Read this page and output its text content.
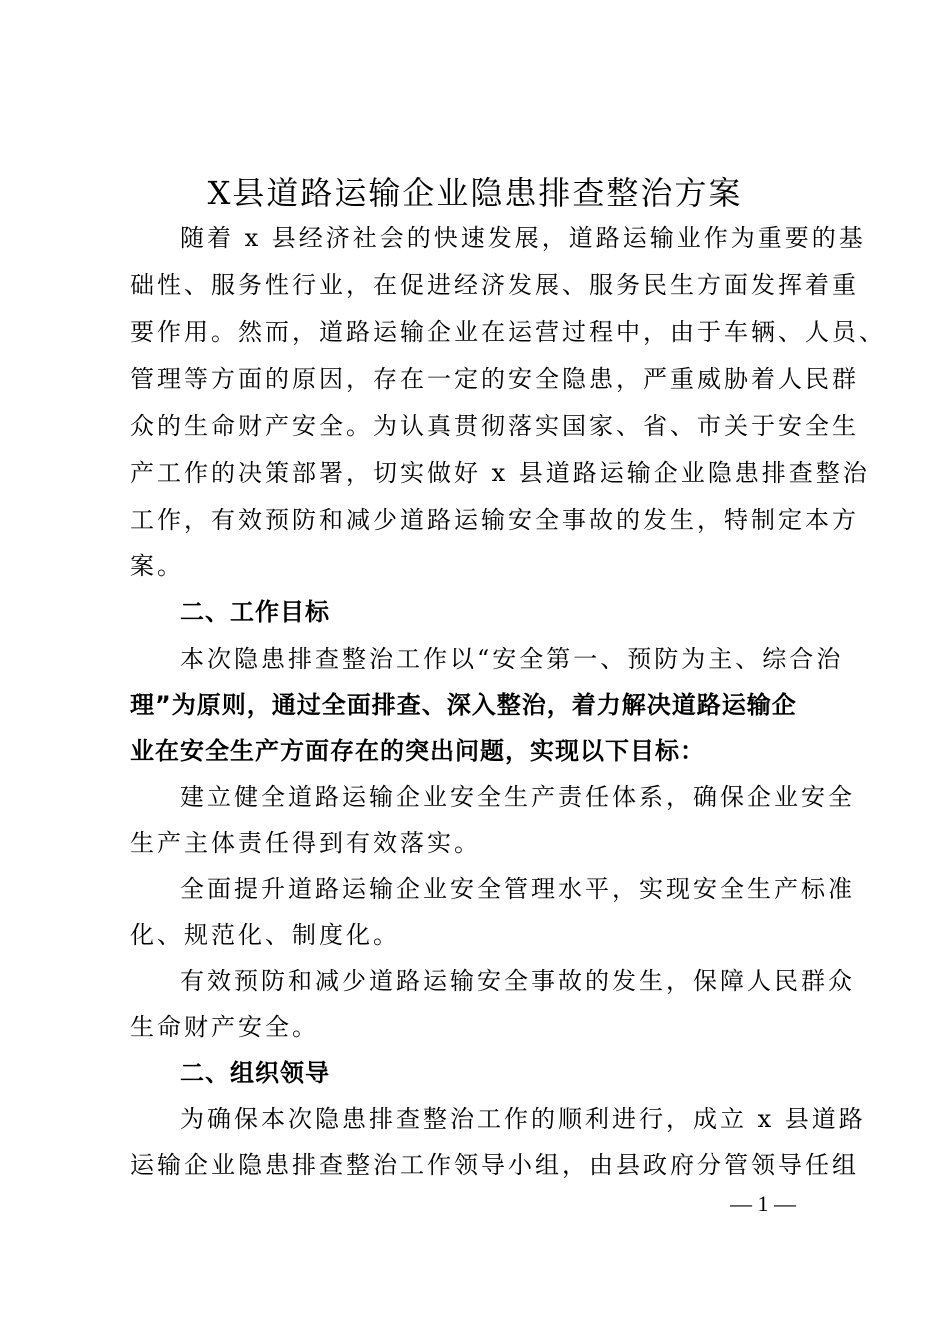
X县道路运输企业隐患排查整治方案
随着 x 县经济社会的快速发展，道路运输业作为重要的基
础性、服务性行业，在促进经济发展、服务民生方面发挥着重
要作用。然而，道路运输企业在运营过程中，由于车辆、人员、
管理等方面的原因，存在一定的安全隐患，严重威胁着人民群
众的生命财产安全。为认真贯彻落实国家、省、市关于安全生
产工作的决策部署，切实做好 x 县道路运输企业隐患排查整治
工作，有效预防和减少道路运输安全事故的发生，特制定本方
案。
二、工作目标
本次隐患排查整治工作以“安全第一、预防为主、综合治
理”为原则，通过全面排查、深入整治，着力解决道路运输企
业在安全生产方面存在的突出问题，实现以下目标：
建立健全道路运输企业安全生产责任体系，确保企业安全
生产主体责任得到有效落实。
全面提升道路运输企业安全管理水平，实现安全生产标准
化、规范化、制度化。
有效预防和减少道路运输安全事故的发生，保障人民群众
生命财产安全。
二、组织领导
为确保本次隐患排查整治工作的顺利进行，成立 x 县道路
运输企业隐患排查整治工作领导小组，由县政府分管领导任组
— 1 —
